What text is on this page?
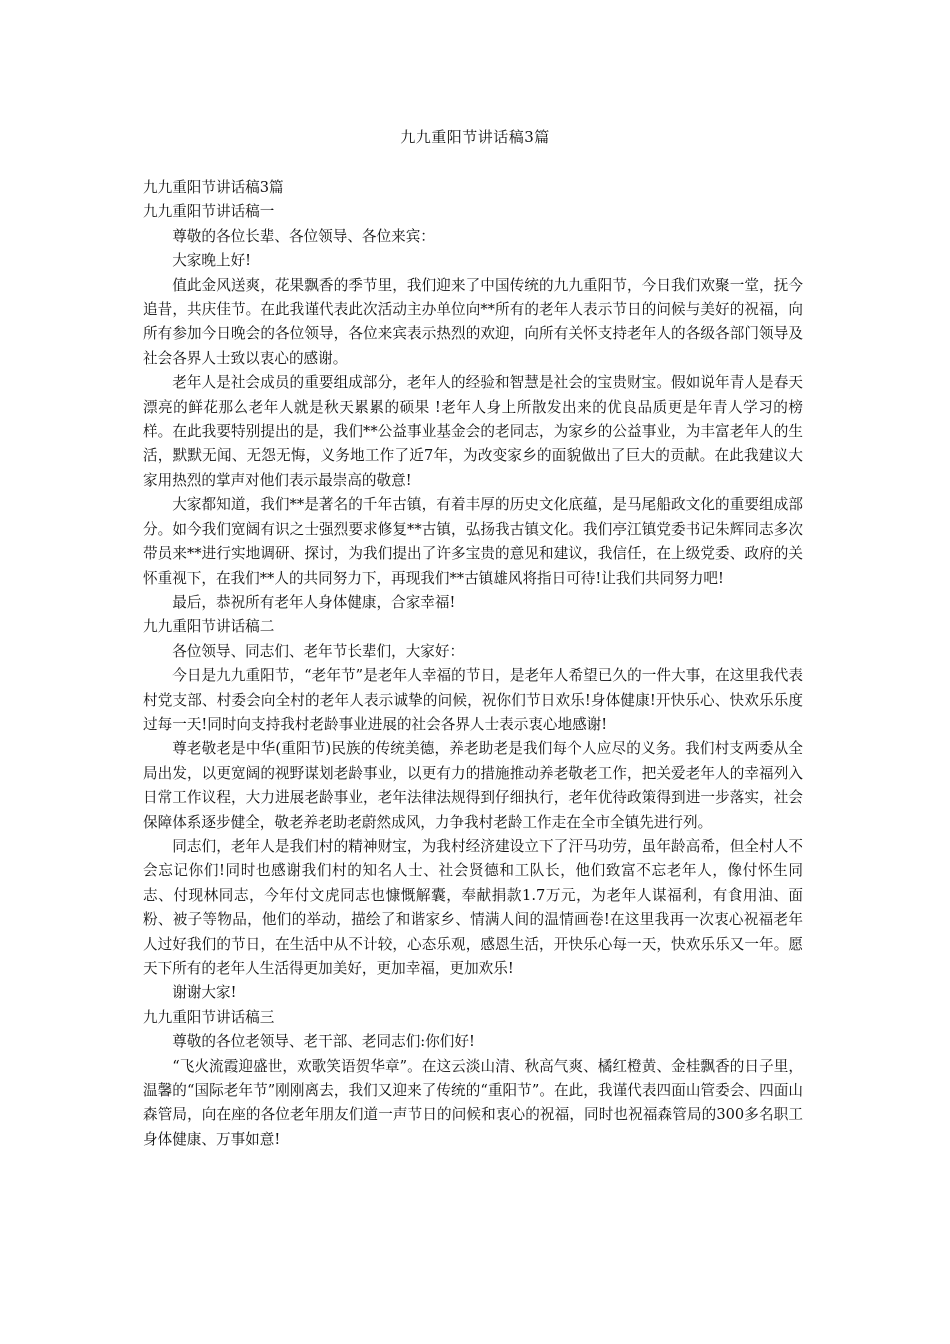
九九重阳节讲话稿3篇

九九重阳节讲话稿3篇

九九重阳节讲话稿一

尊敬的各位长辈、各位领导、各位来宾：

大家晚上好!

值此金风送爽，花果飘香的季节里，我们迎来了中国传统的九九重阳节，今日我们欢聚一堂，抚今追昔，共庆佳节。在此我谨代表此次活动主办单位向**所有的老年人表示节日的问候与美好的祝福，向所有参加今日晚会的各位领导，各位来宾表示热烈的欢迎，向所有关怀支持老年人的各级各部门领导及社会各界人士致以衷心的感谢。

老年人是社会成员的重要组成部分，老年人的经验和智慧是社会的宝贵财宝。假如说年青人是春天漂亮的鲜花那么老年人就是秋天累累的硕果 !老年人身上所散发出来的优良品质更是年青人学习的榜样。在此我要特别提出的是，我们**公益事业基金会的老同志，为家乡的公益事业，为丰富老年人的生活，默默无闻、无怨无悔，义务地工作了近7年，为改变家乡的面貌做出了巨大的贡献。在此我建议大家用热烈的掌声对他们表示最崇高的敬意!

大家都知道，我们**是著名的千年古镇，有着丰厚的历史文化底蕴，是马尾船政文化的重要组成部分。如今我们宽阔有识之士强烈要求修复**古镇，弘扬我古镇文化。我们亭江镇党委书记朱辉同志多次带员来**进行实地调研、探讨，为我们提出了许多宝贵的意见和建议，我信任，在上级党委、政府的关怀重视下，在我们**人的共同努力下，再现我们**古镇雄风将指日可待!让我们共同努力吧!

最后，恭祝所有老年人身体健康，合家幸福!

九九重阳节讲话稿二

各位领导、同志们、老年节长辈们，大家好：

今日是九九重阳节，“老年节”是老年人幸福的节日，是老年人希望已久的一件大事，在这里我代表村党支部、村委会向全村的老年人表示诚挚的问候，祝你们节日欢乐!身体健康!开快乐心、快欢乐乐度过每一天!同时向支持我村老龄事业进展的社会各界人士表示衷心地感谢!

尊老敬老是中华(重阳节)民族的传统美德，养老助老是我们每个人应尽的义务。我们村支两委从全局出发，以更宽阔的视野谋划老龄事业，以更有力的措施推动养老敬老工作，把关爱老年人的幸福列入日常工作议程，大力进展老龄事业，老年法律法规得到仔细执行，老年优待政策得到进一步落实，社会保障体系逐步健全，敬老养老助老蔚然成风，力争我村老龄工作走在全市全镇先进行列。

同志们，老年人是我们村的精神财宝，为我村经济建设立下了汗马功劳，虽年龄高希，但全村人不会忘记你们!同时也感谢我们村的知名人士、社会贤德和工队长，他们致富不忘老年人，像付怀生同志、付现林同志，今年付文虎同志也慷慨解囊，奉献捐款1.7万元，为老年人谋福利，有食用油、面粉、被子等物品，他们的举动，描绘了和谐家乡、情满人间的温情画卷!在这里我再一次衷心祝福老年人过好我们的节日，在生活中从不计较，心态乐观，感恩生活，开快乐心每一天，快欢乐乐又一年。愿天下所有的老年人生活得更加美好，更加幸福，更加欢乐!

谢谢大家!

九九重阳节讲话稿三

尊敬的各位老领导、老干部、老同志们:你们好!

“飞火流霞迎盛世，欢歌笑语贺华章”。在这云淡山清、秋高气爽、橘红橙黄、金桂飘香的日子里，温馨的“国际老年节”刚刚离去，我们又迎来了传统的“重阳节”。在此，我谨代表四面山管委会、四面山森管局，向在座的各位老年朋友们道一声节日的问候和衷心的祝福，同时也祝福森管局的300多名职工身体健康、万事如意!
